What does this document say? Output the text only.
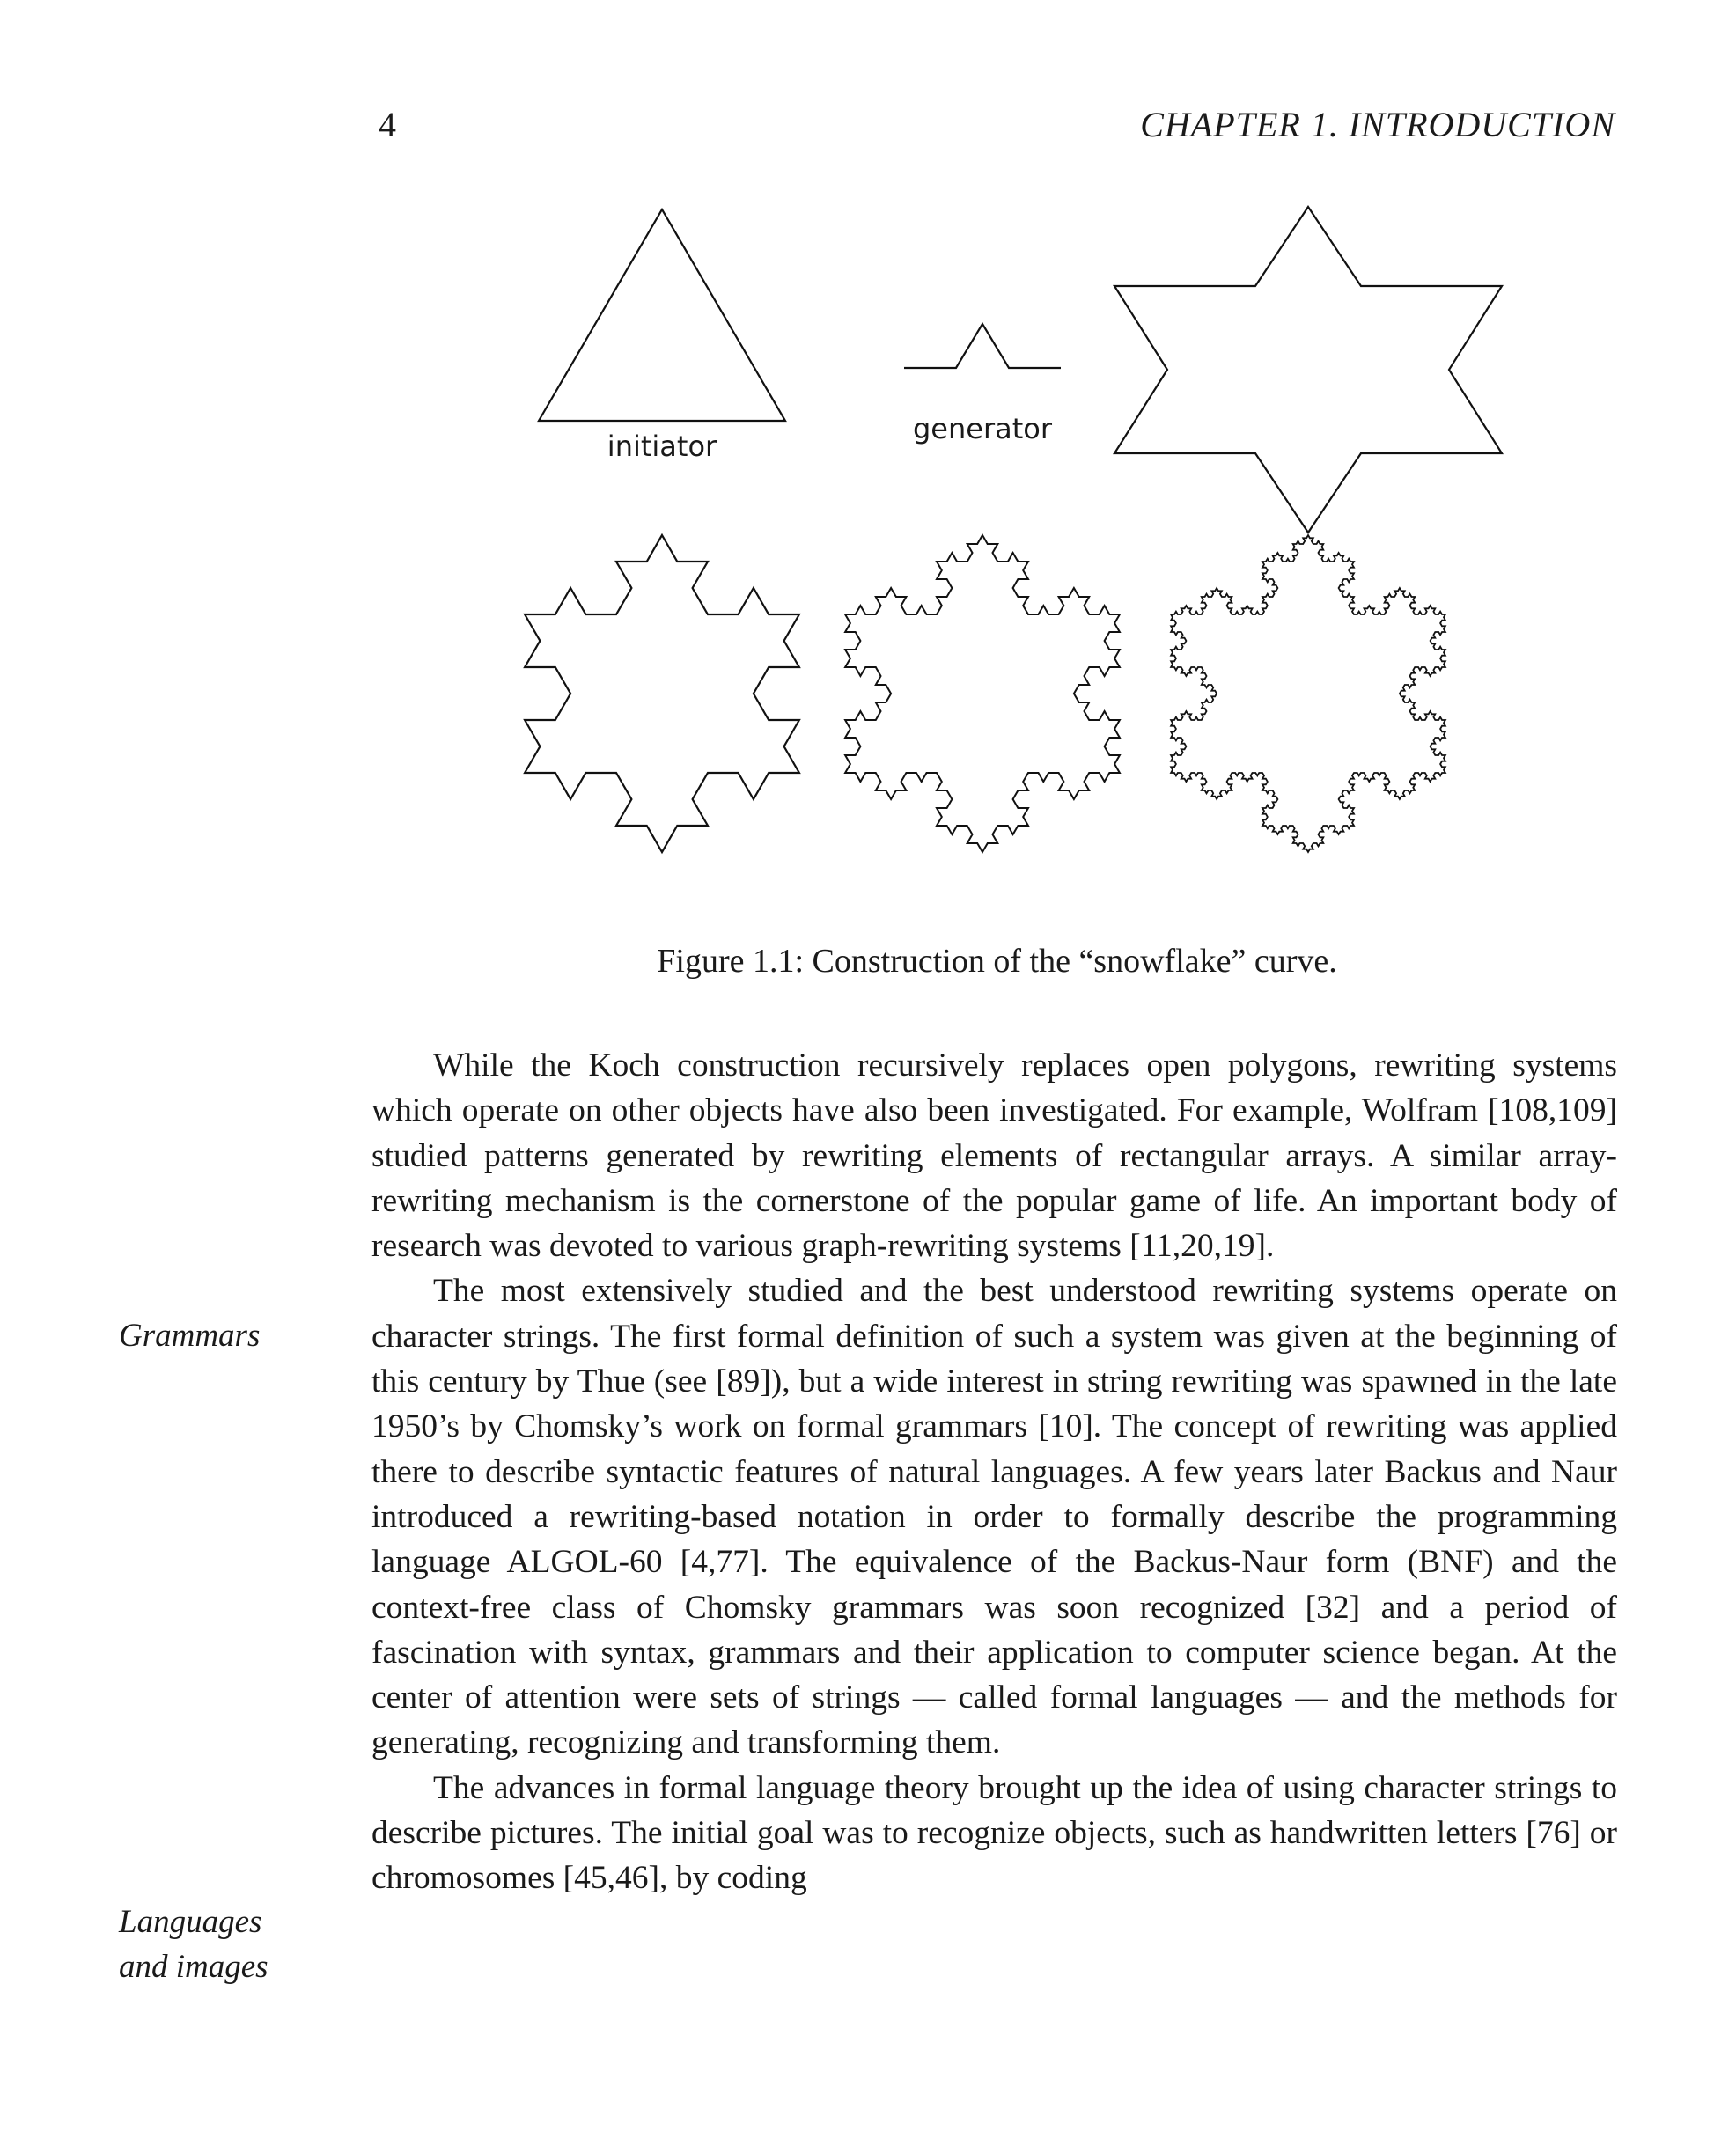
4	CHAPTER 1. INTRODUCTION
initiator
generator
Figure 1.1: Construction of the “snowflake” curve.
Grammars
Languages
and images

While the Koch construction recursively replaces open polygons, rewriting systems which operate on other objects have also been investigated. For example, Wolfram [108,109] studied patterns generated by rewriting elements of rectangular arrays. A similar array-rewriting mechanism is the cornerstone of the popular game of life. An important body of research was devoted to various graph-rewriting systems [11,20,19].

The most extensively studied and the best understood rewriting systems operate on character strings. The first formal definition of such a system was given at the beginning of this century by Thue (see [89]), but a wide interest in string rewriting was spawned in the late 1950’s by Chomsky’s work on formal grammars [10]. The concept of rewriting was applied there to describe syntactic features of natural languages. A few years later Backus and Naur introduced a rewriting-based notation in order to formally describe the programming language ALGOL-60 [4,77]. The equivalence of the Backus-Naur form (BNF) and the context-free class of Chomsky grammars was soon recognized [32] and a period of fascination with syntax, grammars and their application to computer science began. At the center of attention were sets of strings — called formal languages — and the methods for generating, recognizing and transforming them.

The advances in formal language theory brought up the idea of using character strings to describe pictures. The initial goal was to recognize objects, such as handwritten letters [76] or chromosomes [45,46], by coding
